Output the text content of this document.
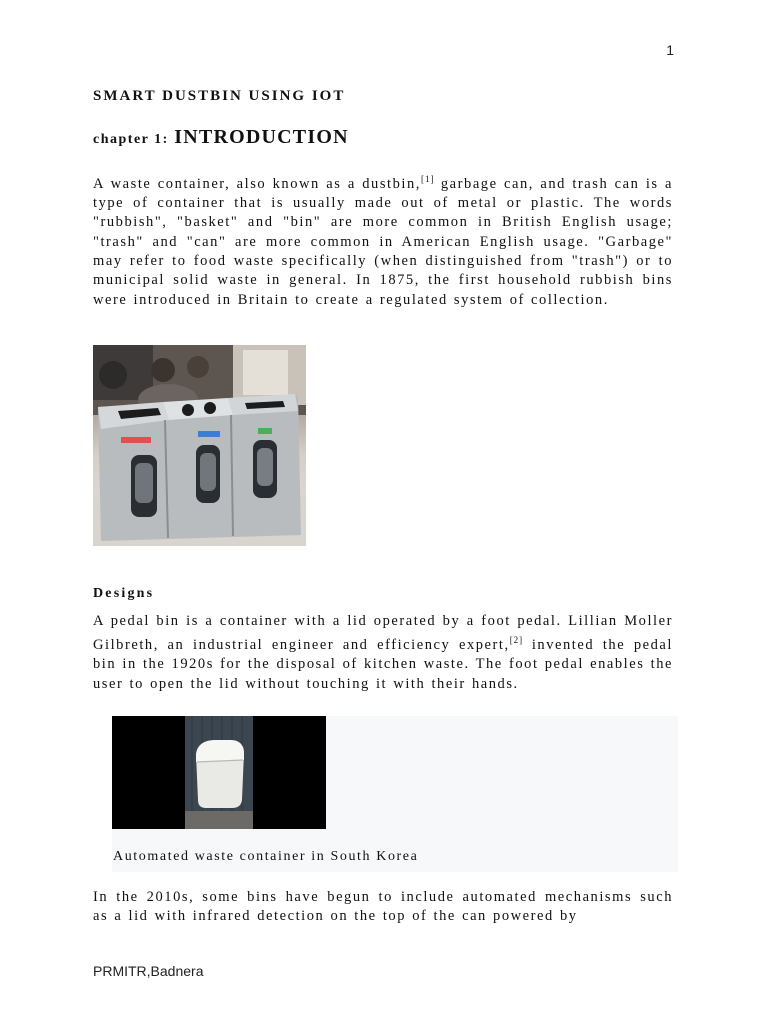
1
SMART DUSTBIN USING IOT
chapter 1: INTRODUCTION

A waste container, also known as a dustbin,[1] garbage can, and trash can is a type of container that is usually made out of metal or plastic. The words "rubbish", "basket" and "bin" are more common in British English usage; "trash" and "can" are more common in American English usage. "Garbage" may refer to food waste specifically (when distinguished from "trash") or to municipal solid waste in general. In 1875, the first household rubbish bins were introduced in Britain to create a regulated system of collection.

Designs

A pedal bin is a container with a lid operated by a foot pedal. Lillian Moller Gilbreth, an industrial engineer and efficiency expert,[2] invented the pedal bin in the 1920s for the disposal of kitchen waste. The foot pedal enables the user to open the lid without touching it with their hands.

Automated waste container in South Korea

In the 2010s, some bins have begun to include automated mechanisms such as a lid with infrared detection on the top of the can powered by

PRMITR,Badnera
